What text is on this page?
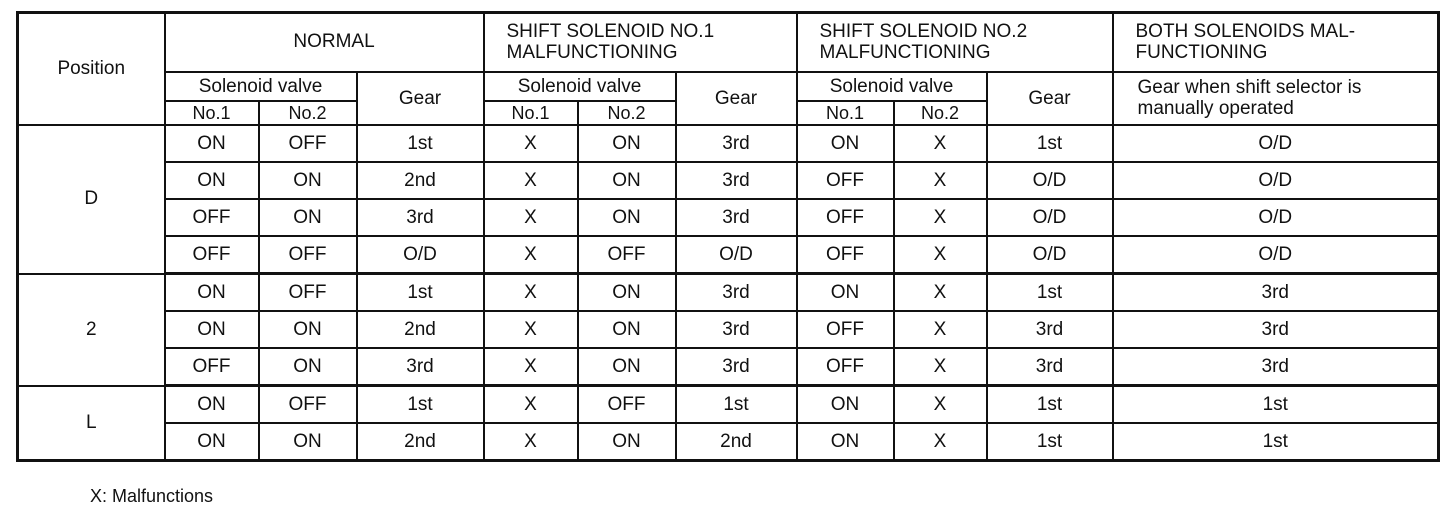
Position	NORMAL			SHIFT SOLENOID NO.1 MALFUNCTIONING			SHIFT SOLENOID NO.2 MALFUNCTIONING			BOTH SOLENOIDS MAL- FUNCTIONING
	Solenoid valve		Gear	Solenoid valve		Gear	Solenoid valve		Gear	Gear when shift selector is manually operated
	No.1	No.2		No.1	No.2		No.1	No.2		
D	ON	OFF	1st	X	ON	3rd	ON	X	1st	O/D
	ON	ON	2nd	X	ON	3rd	OFF	X	O/D	O/D
	OFF	ON	3rd	X	ON	3rd	OFF	X	O/D	O/D
	OFF	OFF	O/D	X	OFF	O/D	OFF	X	O/D	O/D
2	ON	OFF	1st	X	ON	3rd	ON	X	1st	3rd
	ON	ON	2nd	X	ON	3rd	OFF	X	3rd	3rd
	OFF	ON	3rd	X	ON	3rd	OFF	X	3rd	3rd
L	ON	OFF	1st	X	OFF	1st	ON	X	1st	1st
	ON	ON	2nd	X	ON	2nd	ON	X	1st	1st
X: Malfunctions
